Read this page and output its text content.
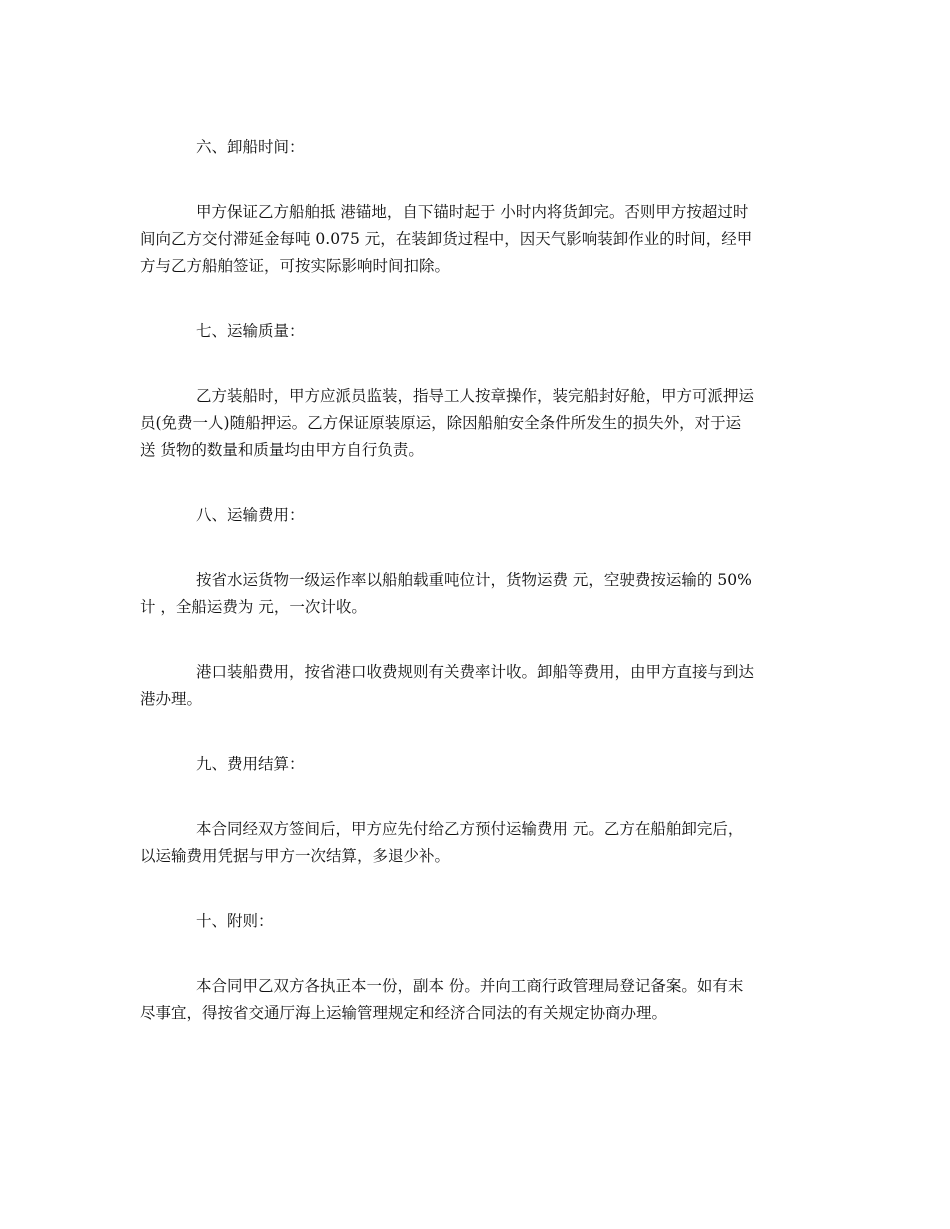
六、卸船时间：
甲方保证乙方船舶抵 港锚地，自下锚时起于 小时内将货卸完。否则甲方按超过时
间向乙方交付滞延金每吨 0.075 元，在装卸货过程中，因天气影响装卸作业的时间，经甲
方与乙方船舶签证，可按实际影响时间扣除。
七、运输质量：
乙方装船时，甲方应派员监装，指导工人按章操作，装完船封好舱，甲方可派押运
员(免费一人)随船押运。乙方保证原装原运，除因船舶安全条件所发生的损失外，对于运
送 货物的数量和质量均由甲方自行负责。
八、运输费用：
按省水运货物一级运作率以船舶载重吨位计，货物运费 元，空驶费按运输的 50%
计 ，全船运费为 元，一次计收。
港口装船费用，按省港口收费规则有关费率计收。卸船等费用，由甲方直接与到达
港办理。
九、费用结算：
本合同经双方签间后，甲方应先付给乙方预付运输费用 元。乙方在船舶卸完后，
以运输费用凭据与甲方一次结算，多退少补。
十、附则：
本合同甲乙双方各执正本一份，副本 份。并向工商行政管理局登记备案。如有末
尽事宜，得按省交通厅海上运输管理规定和经济合同法的有关规定协商办理。
